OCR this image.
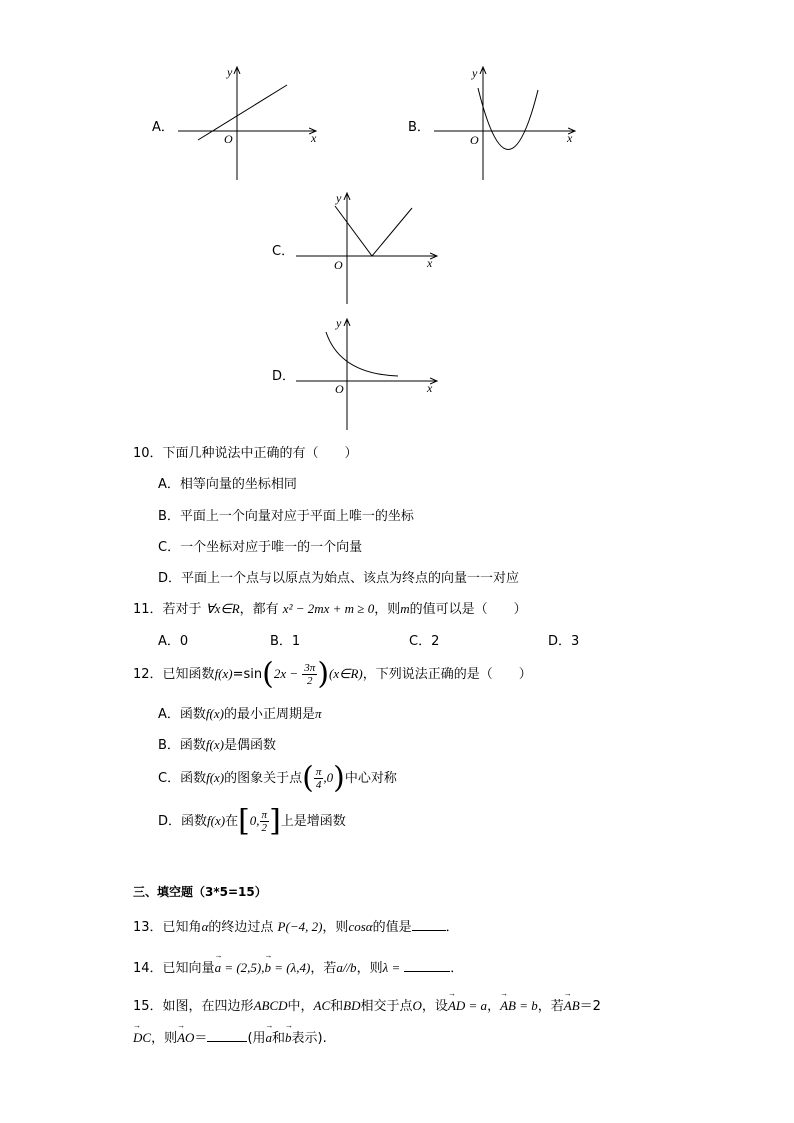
A．
O	x
y
B．
O	x
y
C．
O	x
y
D．
O	x
y
10．下面几种说法中正确的有（　　）
A．相等向量的坐标相同
B．平面上一个向量对应于平面上唯一的坐标
C．一个坐标对应于唯一的一个向量
D．平面上一个点与以原点为始点、该点为终点的向量一一对应
11．若对于 ∀x∈R，都有 x² − 2mx + m ≥ 0，则m的值可以是（　　）
A．0	B．1	C．2	D．3
12．已知函数$f(x)=\sin(2x - \frac{3\pi}{2}$ )(x∈R)，下列说法正确的是（　　）
A．函数f(x)的最小正周期是π
B．函数f(x)是偶函数
C．函数f(x)的图象关于点( $\frac{\pi}{4} ,0$)中心对称
D．函数f(x)在[0, $\frac{\pi}{2}$ ]上是增函数
三、填空题（3*5=15）
13．已知角α的终边过点 P(−4, 2)，则cosα的值是	．
14．已知向量→ a = (2,5),→ b = (λ,4)，若a//b，则λ =	．
15．如图，在四边形ABCD中，AC和BD相交于点O，设→ AD = a，→ AB = b，若→ AB＝2
→ DC，则→ AO＝	(用→ a和→ b表示).
